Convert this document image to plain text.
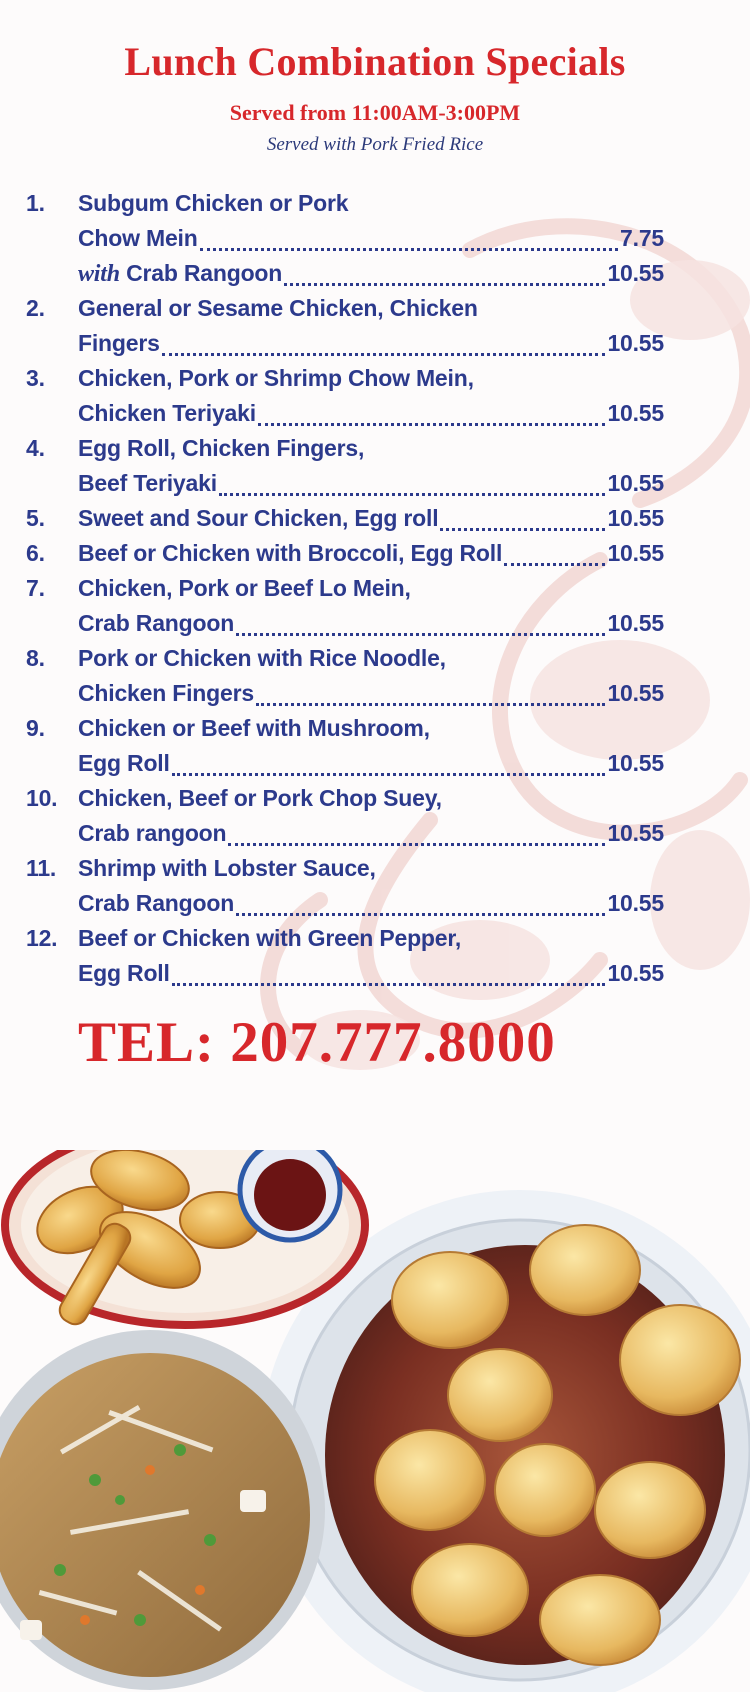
Lunch Combination Specials
Served from 11:00AM-3:00PM
Served with Pork Fried Rice
1.	Subgum Chicken or Pork
Chow Mein	7.75
with Crab Rangoon	10.55
2.	General or Sesame Chicken, Chicken
Fingers	10.55
3.	Chicken, Pork or Shrimp Chow Mein,
Chicken Teriyaki	10.55
4.	Egg Roll, Chicken Fingers,
Beef Teriyaki	10.55
5.	Sweet and Sour Chicken, Egg roll	10.55
6.	Beef or Chicken with Broccoli, Egg Roll	10.55
7.	Chicken, Pork or Beef Lo Mein,
Crab Rangoon	10.55
8.	Pork or Chicken with Rice Noodle,
Chicken Fingers	10.55
9.	Chicken or Beef with Mushroom,
Egg Roll	10.55
10. Chicken, Beef or Pork Chop Suey,
Crab rangoon	10.55
11. Shrimp with Lobster Sauce,
Crab Rangoon	10.55
12. Beef or Chicken with Green Pepper,
Egg Roll	10.55
TEL: 207.777.8000
